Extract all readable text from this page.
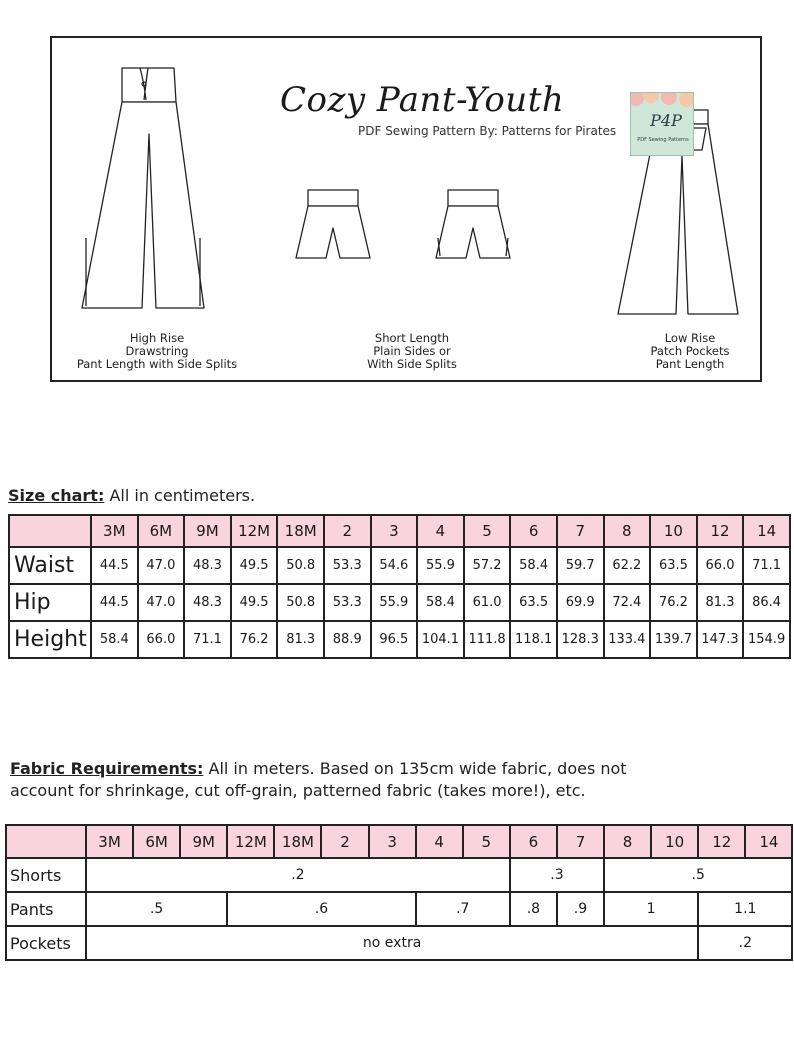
Cozy Pant-Youth
PDF Sewing Pattern By: Patterns for Pirates
P4P
PDF Sewing Patterns
High Rise
Drawstring
Pant Length with Side Splits
Short Length
Plain Sides or
With Side Splits
Low Rise
Patch Pockets
Pant Length
Size chart: All in centimeters.
	3M	6M	9M	12M	18M	2	3	4	5	6	7	8	10	12	14
Waist	44.5	47.0	48.3	49.5	50.8	53.3	54.6	55.9	57.2	58.4	59.7	62.2	63.5	66.0	71.1
Hip	44.5	47.0	48.3	49.5	50.8	53.3	55.9	58.4	61.0	63.5	69.9	72.4	76.2	81.3	86.4
Height	58.4	66.0	71.1	76.2	81.3	88.9	96.5	104.1	111.8	118.1	128.3	133.4	139.7	147.3	154.9
Fabric Requirements: All in meters. Based on 135cm wide fabric, does not
account for shrinkage, cut off-grain, patterned fabric (takes more!), etc.
	3M	6M	9M	12M	18M	2	3	4	5	6	7	8	10	12	14
Shorts	.2									.3		.5			
Pants	.5			.6				.7		.8	.9	1		1.1	
Pockets	no extra													.2	
